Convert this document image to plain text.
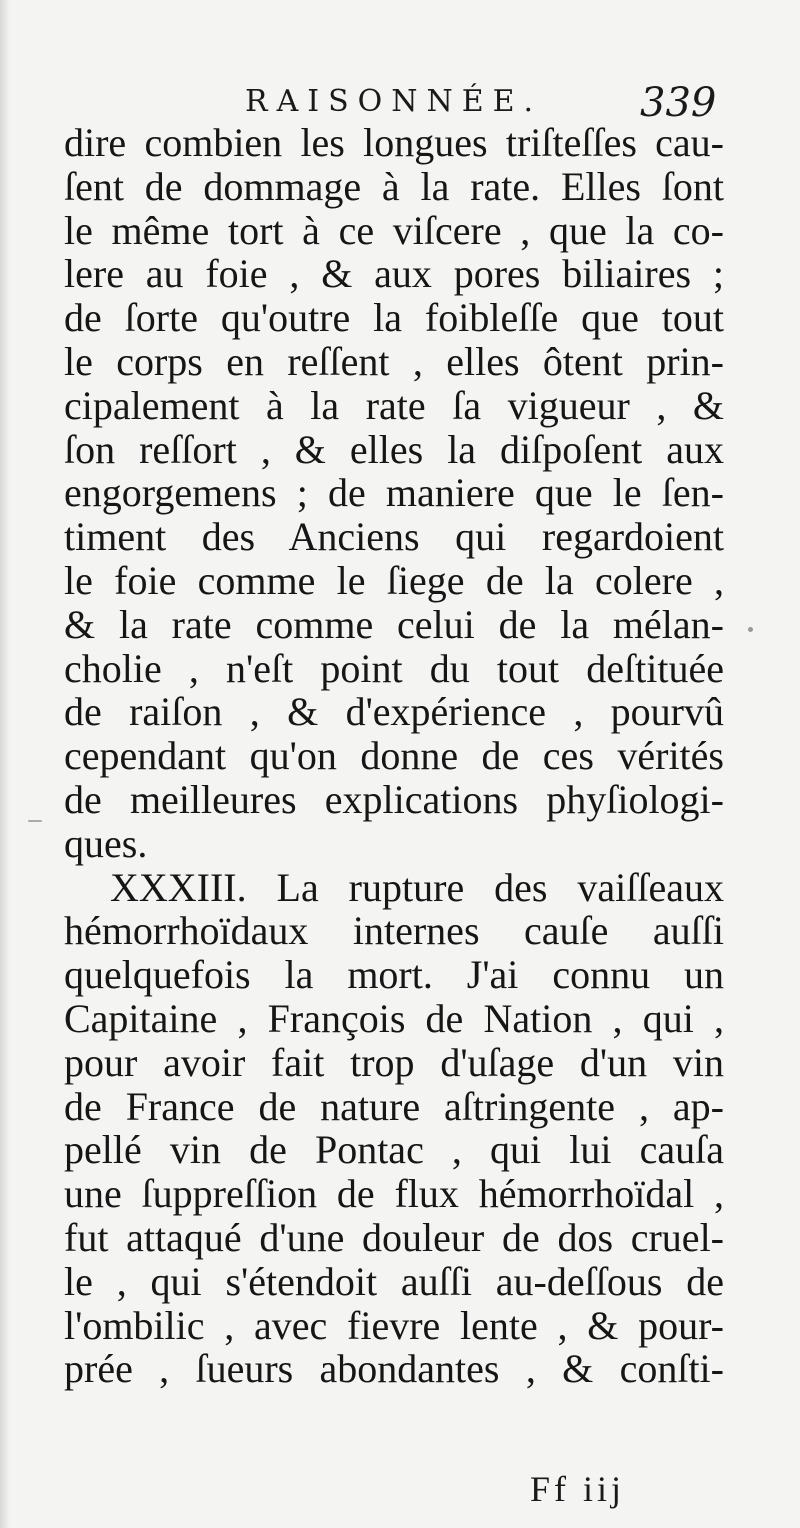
RAISONNÉE. 339
dire combien les longues triſteſſes cau-
ſent de dommage à la rate. Elles ſont
le même tort à ce viſcere , que la co-
lere au foie , & aux pores biliaires ;
de ſorte qu'outre la foibleſſe que tout
le corps en reſſent , elles ôtent prin-
cipalement à la rate ſa vigueur , &
ſon reſſort , & elles la diſpoſent aux
engorgemens ; de maniere que le ſen-
timent des Anciens qui regardoient
le foie comme le ſiege de la colere ,
& la rate comme celui de la mélan-
cholie , n'eſt point du tout deſtituée
de raiſon , & d'expérience , pourvû
cependant qu'on donne de ces vérités
de meilleures explications phyſiologi-
ques.
XXXIII. La rupture des vaiſſeaux
hémorrhoïdaux internes cauſe auſſi
quelquefois la mort. J'ai connu un
Capitaine , François de Nation , qui ,
pour avoir fait trop d'uſage d'un vin
de France de nature aſtringente , ap-
pellé vin de Pontac , qui lui cauſa
une ſuppreſſion de flux hémorrhoïdal ,
fut attaqué d'une douleur de dos cruel-
le , qui s'étendoit auſſi au-deſſous de
l'ombilic , avec fievre lente , & pour-
prée , ſueurs abondantes , & conſti-
Ff iij
